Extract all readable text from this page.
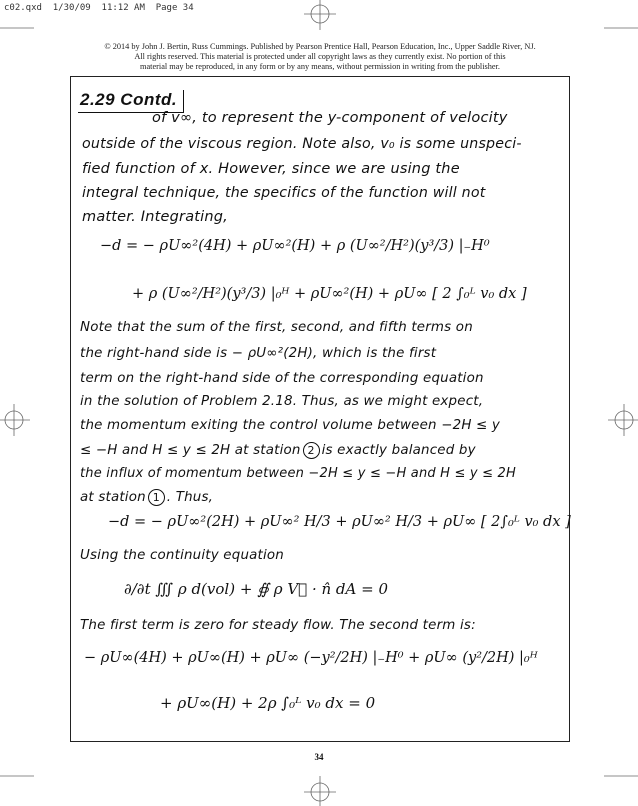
c02.qxd  1/30/09  11:12 AM  Page 34
© 2014 by John J. Bertin, Russ Cummings. Published by Pearson Prentice Hall, Pearson Education, Inc., Upper Saddle River, NJ.
All rights reserved. This material is protected under all copyright laws as they currently exist. No portion of this
material may be reproduced, in any form or by any means, without permission in writing from the publisher.
2.29 Contd.
of v∞, to represent the y-component of velocity
outside of the viscous region. Note also, v₀ is some unspeci-
fied function of x. However, since we are using the
integral technique, the specifics of the function will not
matter. Integrating,
−d = − ρU∞²(4H) + ρU∞²(H) + ρ (U∞²/H²)(y³/3) |₋H⁰
+ ρ (U∞²/H²)(y³/3) |₀ᴴ + ρU∞²(H) + ρU∞ [ 2 ∫₀ᴸ v₀ dx ]
Note that the sum of the first, second, and fifth terms on
the right-hand side is − ρU∞²(2H), which is the first
term on the right-hand side of the corresponding equation
in the solution of Problem 2.18. Thus, as we might expect,
the momentum exiting the control volume between −2H ≤ y
≤ −H and H ≤ y ≤ 2H at station 2 is exactly balanced by
the influx of momentum between −2H ≤ y ≤ −H and H ≤ y ≤ 2H
at station 1 . Thus,
−d = − ρU∞²(2H) + ρU∞² H/3 + ρU∞² H/3 + ρU∞ [ 2∫₀ᴸ v₀ dx ]
Using the continuity equation
∂/∂t ∭ ρ d(vol) + ∯ ρ V⃗ · n̂ dA = 0
The first term is zero for steady flow. The second term is:
− ρU∞(4H) + ρU∞(H) + ρU∞ (−y²/2H) |₋H⁰ + ρU∞ (y²/2H) |₀ᴴ
+ ρU∞(H) + 2ρ ∫₀ᴸ v₀ dx = 0
34
